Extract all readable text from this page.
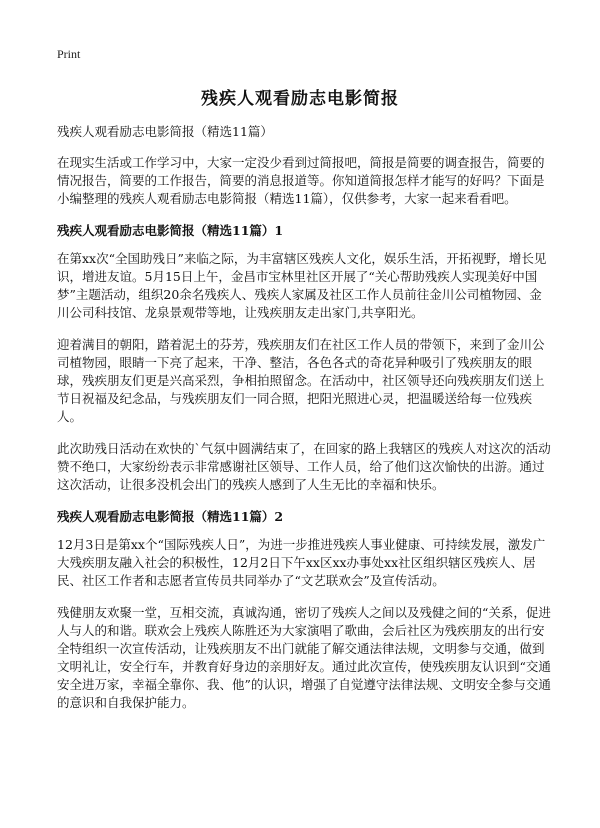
Print
残疾人观看励志电影简报
残疾人观看励志电影简报（精选11篇）

在现实生活或工作学习中，大家一定没少看到过简报吧，简报是简要的调查报告，简要的情况报告，简要的工作报告，简要的消息报道等。你知道简报怎样才能写的好吗？下面是小编整理的残疾人观看励志电影简报（精选11篇），仅供参考，大家一起来看看吧。

残疾人观看励志电影简报（精选11篇）1

在第xx次“全国助残日”来临之际，为丰富辖区残疾人文化，娱乐生活，开拓视野，增长见识，增进友谊。5月15日上午，金昌市宝林里社区开展了“关心帮助残疾人实现美好中国梦”主题活动，组织20余名残疾人、残疾人家属及社区工作人员前往金川公司植物园、金川公司科技馆、龙泉景观带等地，让残疾朋友走出家门,共享阳光。

迎着满目的朝阳，踏着泥土的芬芳，残疾朋友们在社区工作人员的带领下，来到了金川公司植物园，眼睛一下亮了起来，干净、整洁，各色各式的奇花异种吸引了残疾朋友的眼球，残疾朋友们更是兴高采烈，争相拍照留念。在活动中，社区领导还向残疾朋友们送上节日祝福及纪念品，与残疾朋友们一同合照，把阳光照进心灵，把温暖送给每一位残疾人。

此次助残日活动在欢快的`气氛中圆满结束了，在回家的路上我辖区的残疾人对这次的活动赞不绝口，大家纷纷表示非常感谢社区领导、工作人员，给了他们这次愉快的出游。通过这次活动，让很多没机会出门的残疾人感到了人生无比的幸福和快乐。

残疾人观看励志电影简报（精选11篇）2

12月3日是第xx个“国际残疾人日”，为进一步推进残疾人事业健康、可持续发展，激发广大残疾朋友融入社会的积极性，12月2日下午xx区xx办事处xx社区组织辖区残疾人、居民、社区工作者和志愿者宣传员共同举办了“文艺联欢会”及宣传活动。

残健朋友欢聚一堂，互相交流，真诚沟通，密切了残疾人之间以及残健之间的“关系，促进人与人的和谐。联欢会上残疾人陈胜还为大家演唱了歌曲，会后社区为残疾朋友的出行安全特组织一次宣传活动，让残疾朋友不出门就能了解交通法律法规，文明参与交通，做到文明礼让，安全行车，并教育好身边的亲朋好友。通过此次宣传，使残疾朋友认识到“交通安全进万家，幸福全靠你、我、他”的认识，增强了自觉遵守法律法规、文明安全参与交通的意识和自我保护能力。
